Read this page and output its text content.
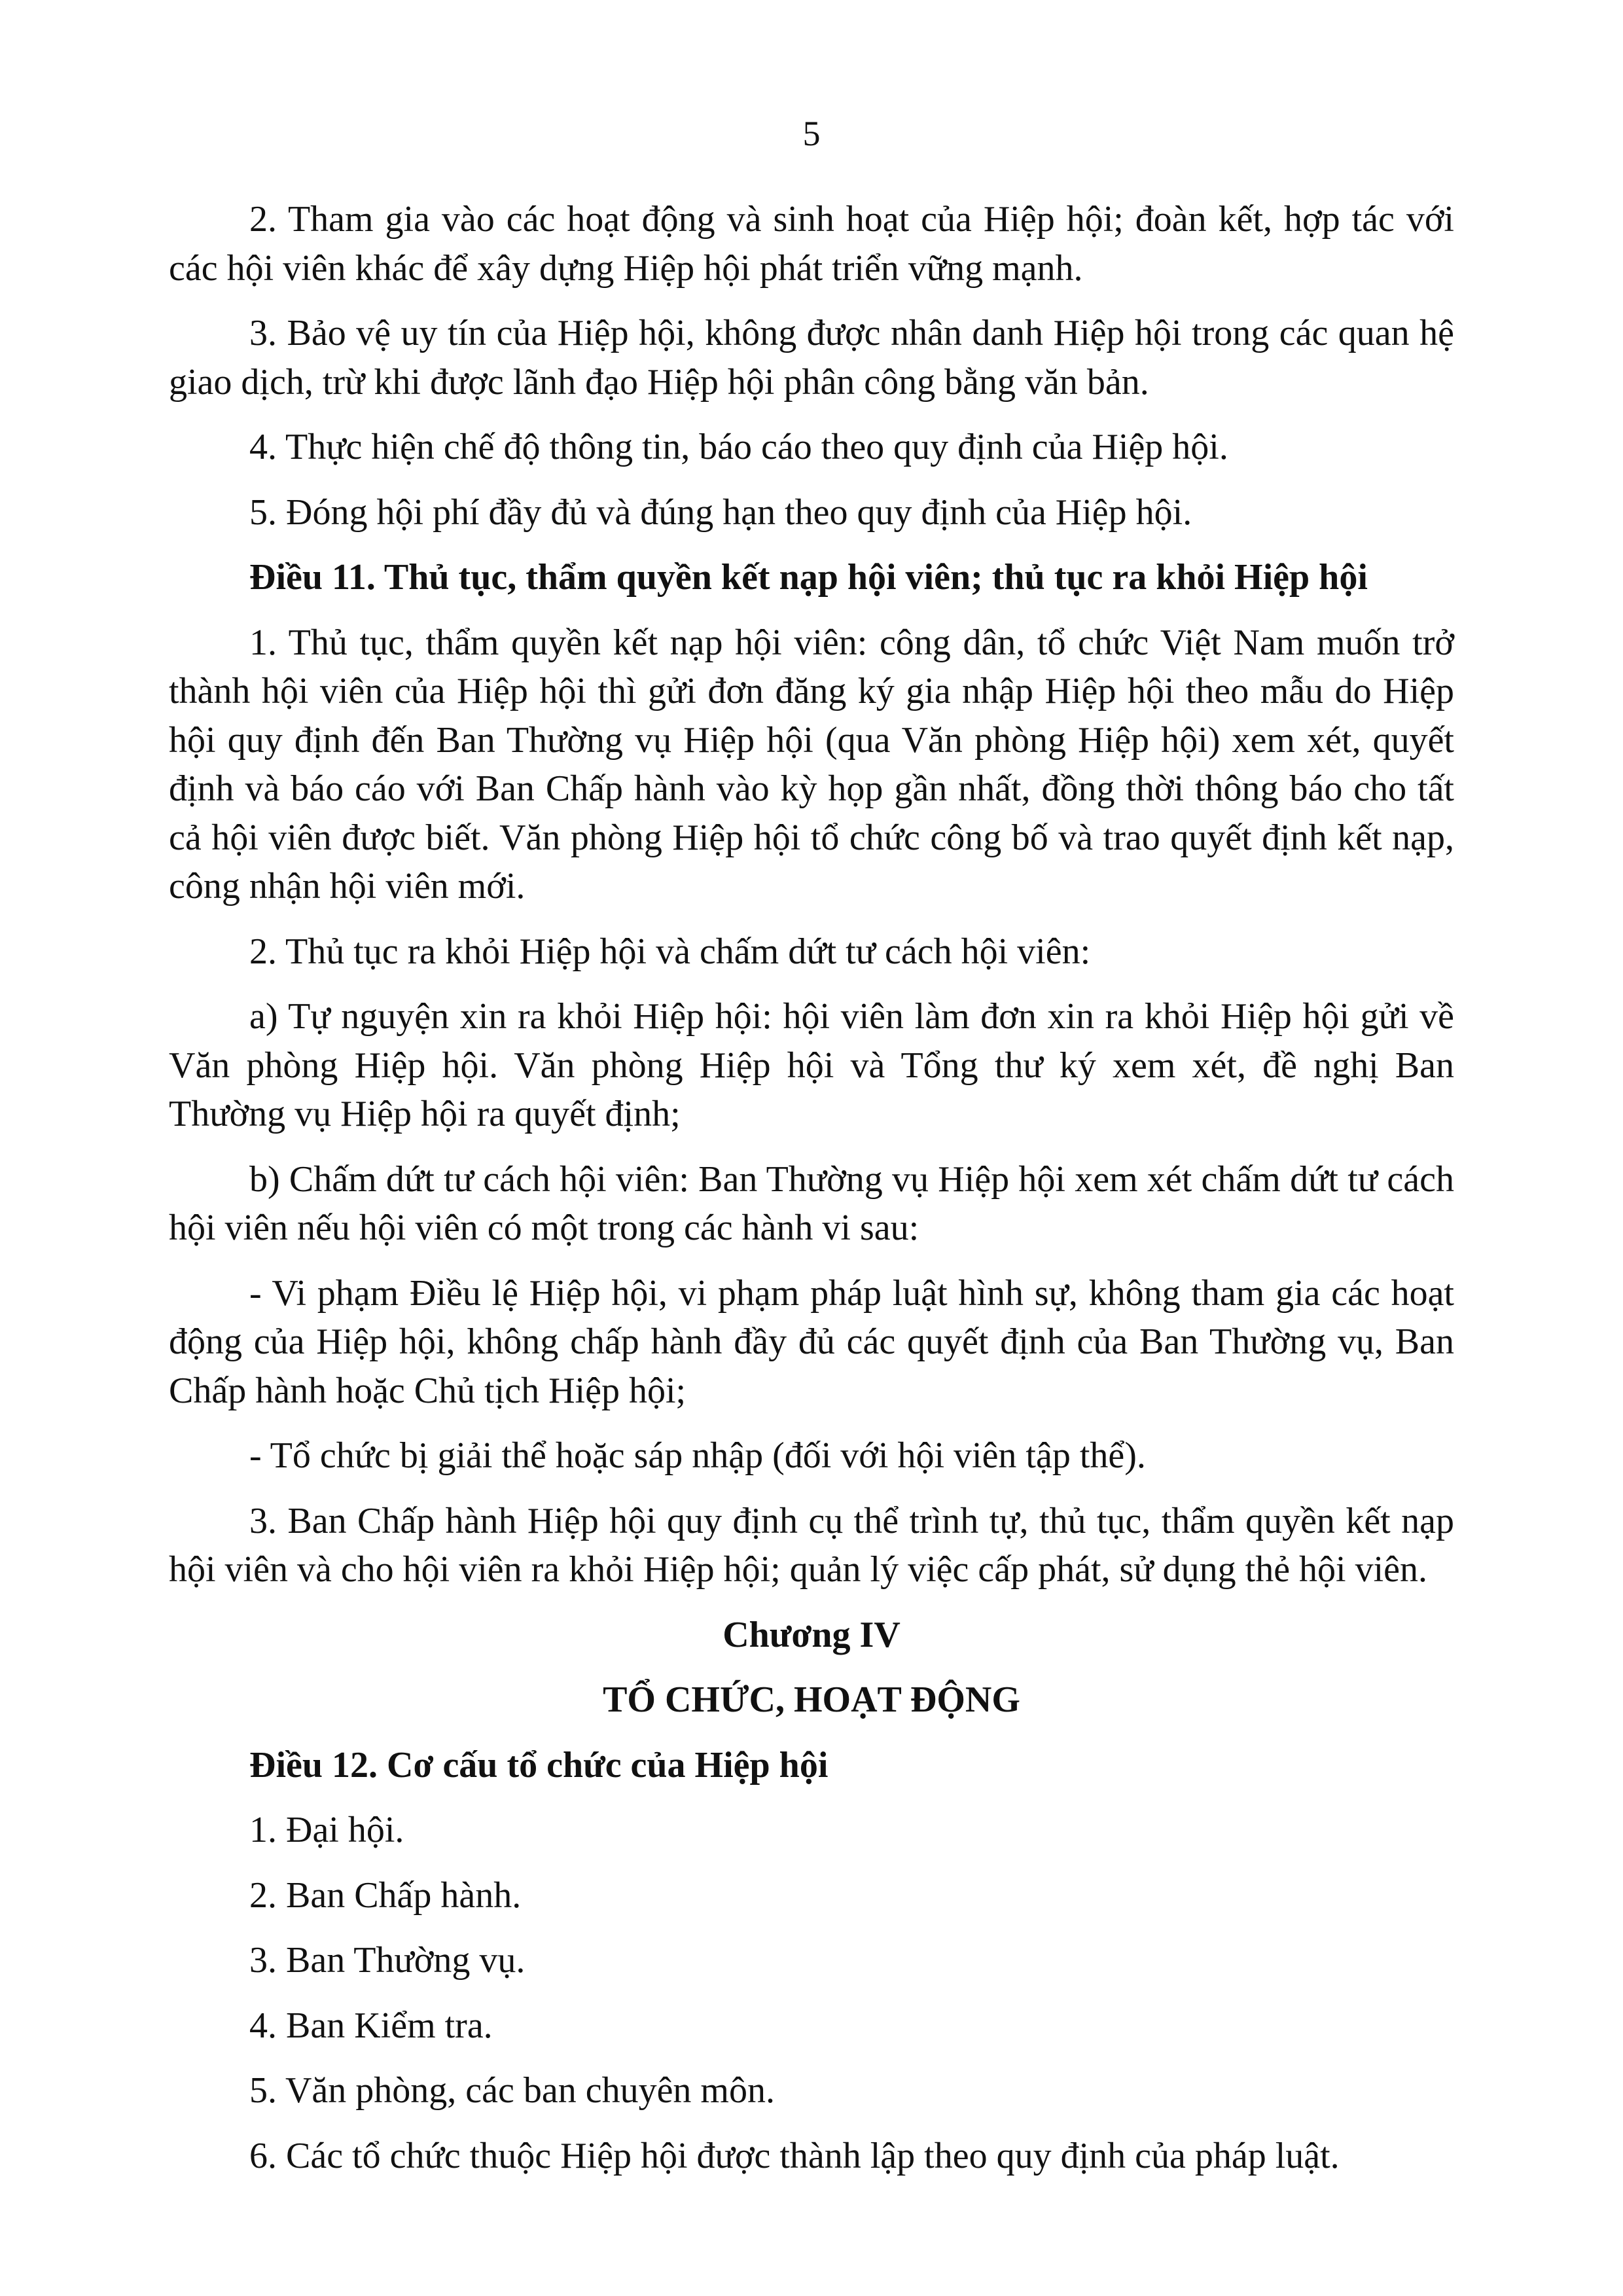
5

2. Tham gia vào các hoạt động và sinh hoạt của Hiệp hội; đoàn kết, hợp tác với các hội viên khác để xây dựng Hiệp hội phát triển vững mạnh.

3. Bảo vệ uy tín của Hiệp hội, không được nhân danh Hiệp hội trong các quan hệ giao dịch, trừ khi được lãnh đạo Hiệp hội phân công bằng văn bản.

4. Thực hiện chế độ thông tin, báo cáo theo quy định của Hiệp hội.

5. Đóng hội phí đầy đủ và đúng hạn theo quy định của Hiệp hội.

Điều 11. Thủ tục, thẩm quyền kết nạp hội viên; thủ tục ra khỏi Hiệp hội

1. Thủ tục, thẩm quyền kết nạp hội viên: công dân, tổ chức Việt Nam muốn trở thành hội viên của Hiệp hội thì gửi đơn đăng ký gia nhập Hiệp hội theo mẫu do Hiệp hội quy định đến Ban Thường vụ Hiệp hội (qua Văn phòng Hiệp hội) xem xét, quyết định và báo cáo với Ban Chấp hành vào kỳ họp gần nhất, đồng thời thông báo cho tất cả hội viên được biết. Văn phòng Hiệp hội tổ chức công bố và trao quyết định kết nạp, công nhận hội viên mới.

2. Thủ tục ra khỏi Hiệp hội và chấm dứt tư cách hội viên:

a) Tự nguyện xin ra khỏi Hiệp hội: hội viên làm đơn xin ra khỏi Hiệp hội gửi về Văn phòng Hiệp hội. Văn phòng Hiệp hội và Tổng thư ký xem xét, đề nghị Ban Thường vụ Hiệp hội ra quyết định;

b) Chấm dứt tư cách hội viên: Ban Thường vụ Hiệp hội xem xét chấm dứt tư cách hội viên nếu hội viên có một trong các hành vi sau:

- Vi phạm Điều lệ Hiệp hội, vi phạm pháp luật hình sự, không tham gia các hoạt động của Hiệp hội, không chấp hành đầy đủ các quyết định của Ban Thường vụ, Ban Chấp hành hoặc Chủ tịch Hiệp hội;

- Tổ chức bị giải thể hoặc sáp nhập (đối với hội viên tập thể).

3. Ban Chấp hành Hiệp hội quy định cụ thể trình tự, thủ tục, thẩm quyền kết nạp hội viên và cho hội viên ra khỏi Hiệp hội; quản lý việc cấp phát, sử dụng thẻ hội viên.

Chương IV

TỔ CHỨC, HOẠT ĐỘNG

Điều 12. Cơ cấu tổ chức của Hiệp hội

1. Đại hội.

2. Ban Chấp hành.

3. Ban Thường vụ.

4. Ban Kiểm tra.

5. Văn phòng, các ban chuyên môn.

6. Các tổ chức thuộc Hiệp hội được thành lập theo quy định của pháp luật.
